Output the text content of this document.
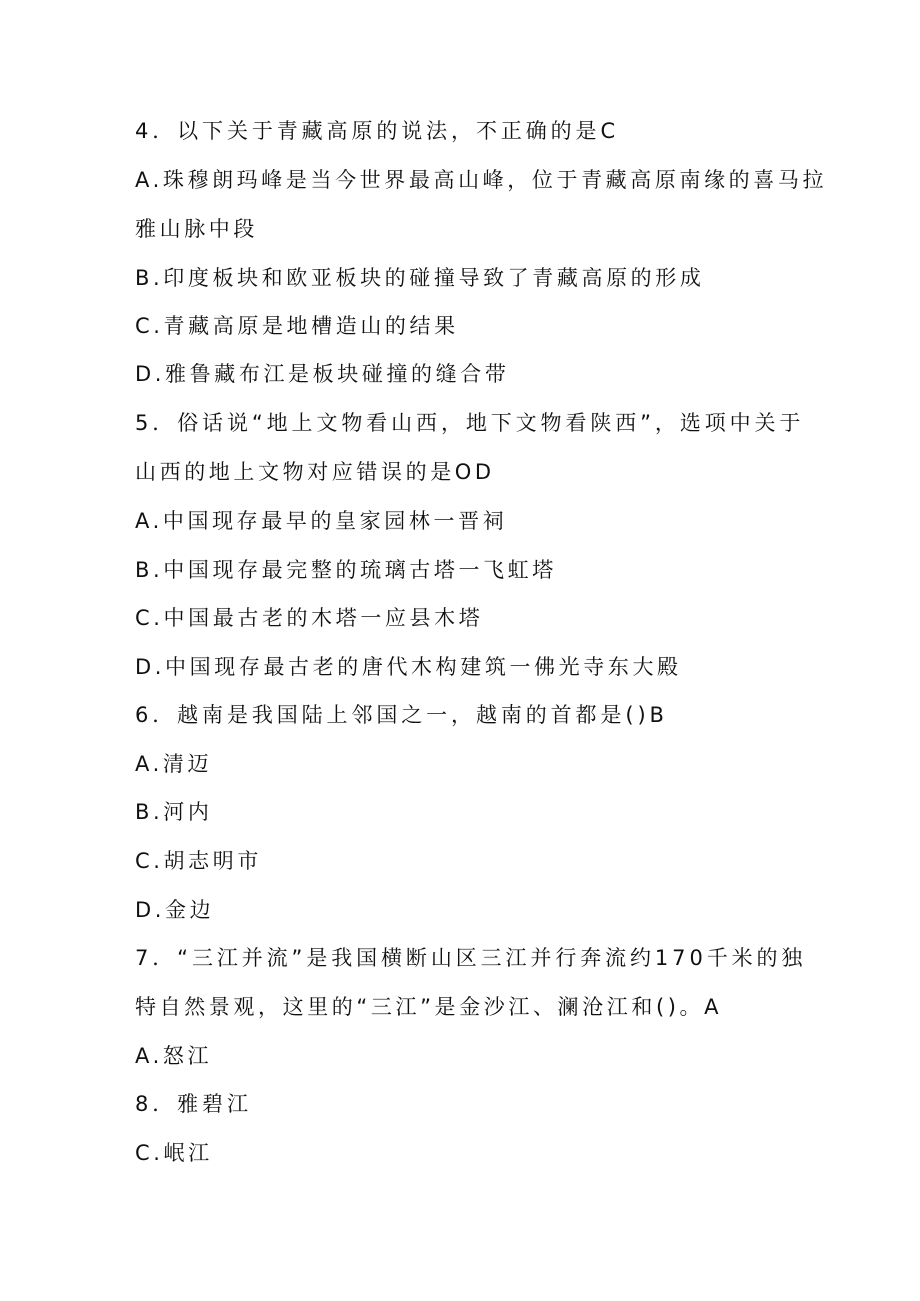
4．以下关于青藏高原的说法，不正确的是C
A.珠穆朗玛峰是当今世界最高山峰，位于青藏高原南缘的喜马拉
雅山脉中段
B.印度板块和欧亚板块的碰撞导致了青藏高原的形成
C.青藏高原是地槽造山的结果
D.雅鲁藏布江是板块碰撞的缝合带
5．俗话说“地上文物看山西，地下文物看陕西”，选项中关于
山西的地上文物对应错误的是OD
A.中国现存最早的皇家园林一晋祠
B.中国现存最完整的琉璃古塔一飞虹塔
C.中国最古老的木塔一应县木塔
D.中国现存最古老的唐代木构建筑一佛光寺东大殿
6．越南是我国陆上邻国之一，越南的首都是()B
A.清迈
B.河内
C.胡志明市
D.金边
7．“三江并流”是我国横断山区三江并行奔流约170千米的独
特自然景观，这里的“三江”是金沙江、澜沧江和()。A
A.怒江
8．雅碧江
C.岷江
